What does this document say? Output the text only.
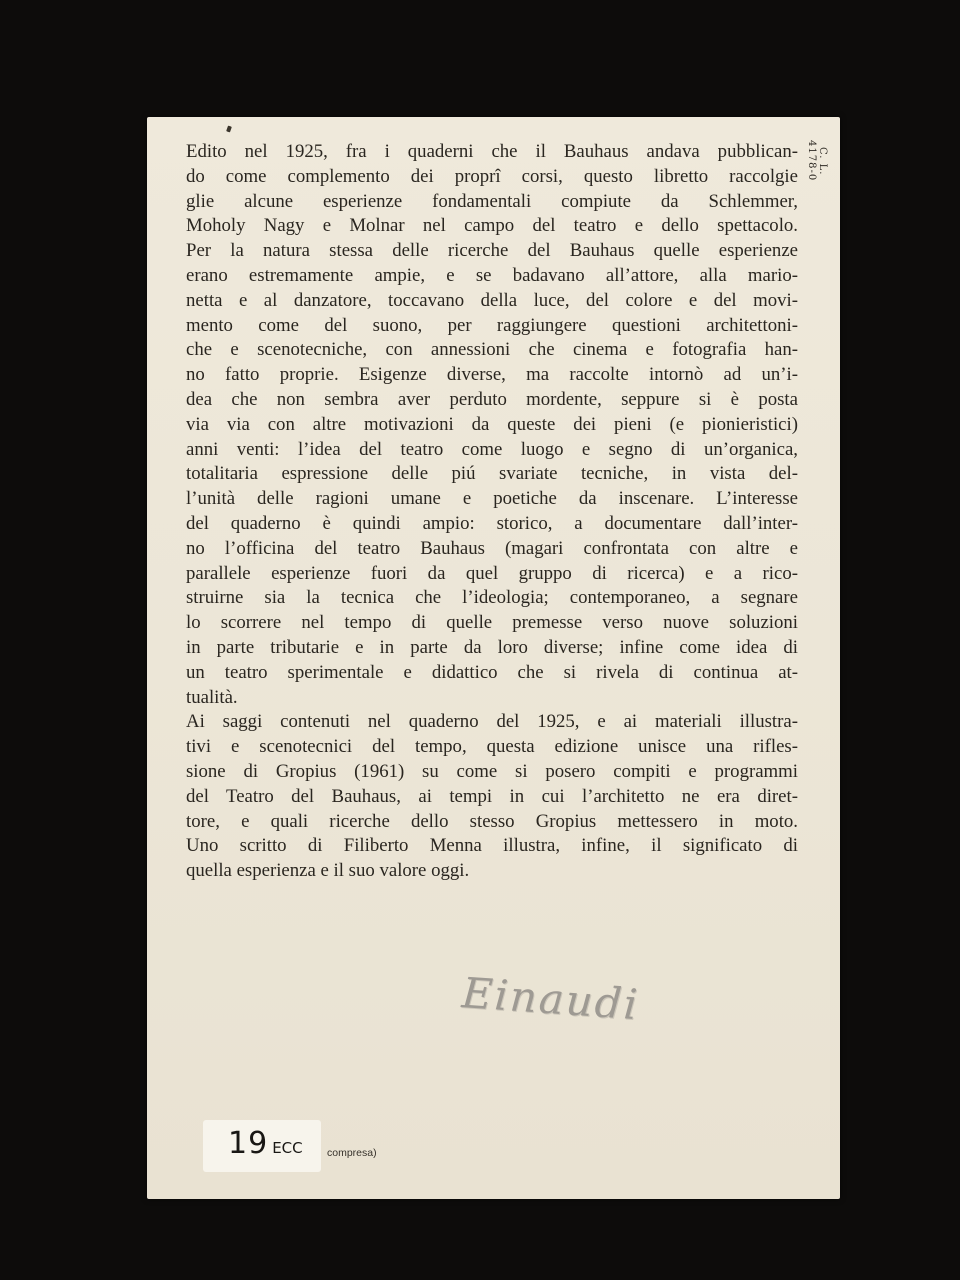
C. L. 4178-0
Edito nel 1925, fra i quaderni che il Bauhaus andava pubblican-
do come complemento dei proprî corsi, questo libretto raccolgie
glie alcune esperienze fondamentali compiute da Schlemmer,
Moholy Nagy e Molnar nel campo del teatro e dello spettacolo.
Per la natura stessa delle ricerche del Bauhaus quelle esperienze
erano estremamente ampie, e se badavano all’attore, alla mario-
netta e al danzatore, toccavano della luce, del colore e del movi-
mento come del suono, per raggiungere questioni architettoni-
che e scenotecniche, con annessioni che cinema e fotografia han-
no fatto proprie. Esigenze diverse, ma raccolte intornò ad un’i-
dea che non sembra aver perduto mordente, seppure si è posta
via via con altre motivazioni da queste dei pieni (e pionieristici)
anni venti: l’idea del teatro come luogo e segno di un’organica,
totalitaria espressione delle piú svariate tecniche, in vista del-
l’unità delle ragioni umane e poetiche da inscenare. L’interesse
del quaderno è quindi ampio: storico, a documentare dall’inter-
no l’officina del teatro Bauhaus (magari confrontata con altre e
parallele esperienze fuori da quel gruppo di ricerca) e a rico-
struirne sia la tecnica che l’ideologia; contemporaneo, a segnare
lo scorrere nel tempo di quelle premesse verso nuove soluzioni
in parte tributarie e in parte da loro diverse; infine come idea di
un teatro sperimentale e didattico che si rivela di continua at-
tualità.
Ai saggi contenuti nel quaderno del 1925, e ai materiali illustra-
tivi e scenotecnici del tempo, questa edizione unisce una rifles-
sione di Gropius (1961) su come si posero compiti e programmi
del Teatro del Bauhaus, ai tempi in cui l’architetto ne era diret-
tore, e quali ricerche dello stesso Gropius mettessero in moto.
Uno scritto di Filiberto Menna illustra, infine, il significato di
quella esperienza e il suo valore oggi.
Einaudi
19 ECC compresa)
